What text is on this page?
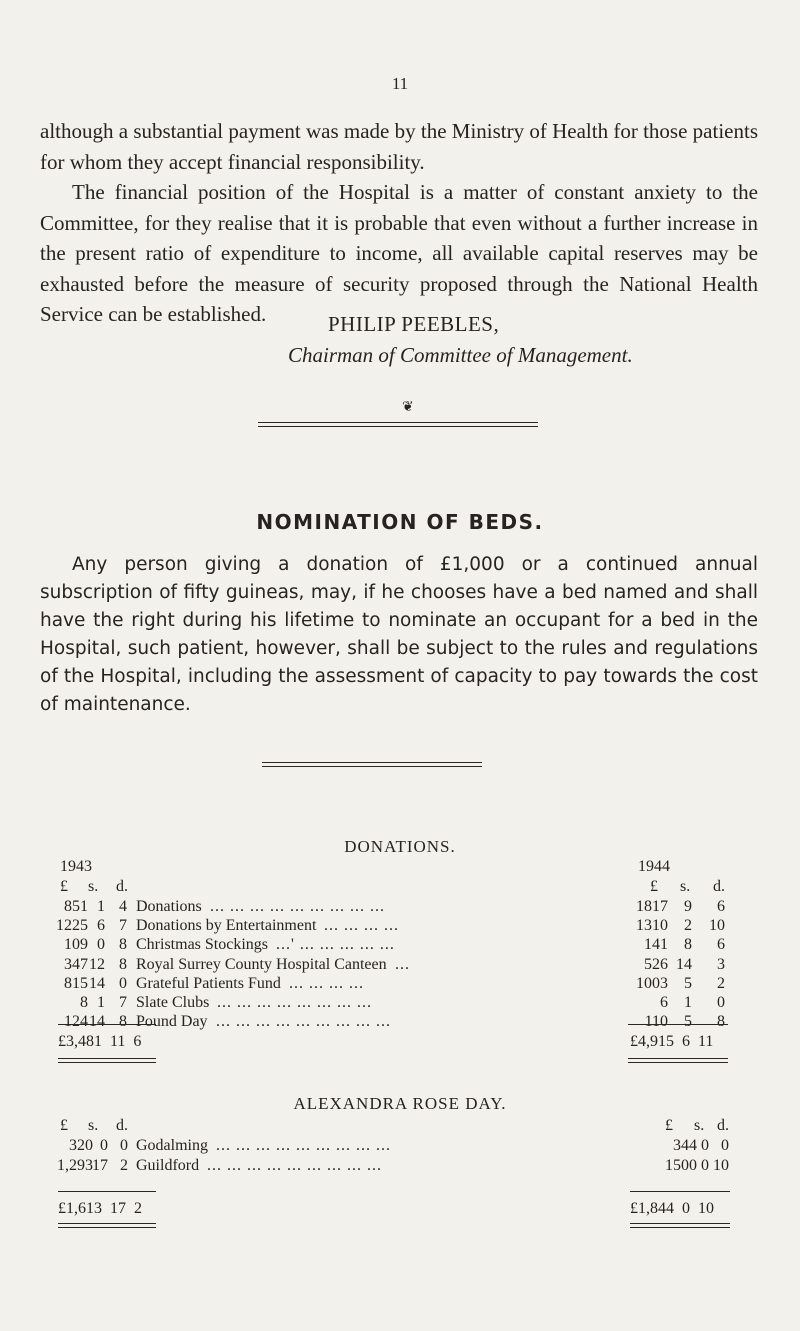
11

although a substantial payment was made by the Ministry of Health for those patients for whom they accept financial responsibility.

The financial position of the Hospital is a matter of constant anxiety to the Committee, for they realise that it is probable that even without a further increase in the present ratio of expenditure to income, all available capital reserves may be exhausted before the measure of security proposed through the National Health Service can be established.	PHILIP PEEBLES,
Chairman of Committee of Management.
❦
NOMINATION OF BEDS.

Any person giving a donation of £1,000 or a continued annual subscription of fifty guineas, may, if he chooses have a bed named and shall have the right during his lifetime to nominate an occupant for a bed in the Hospital, such patient, however, shall be subject to the rules and regulations of the Hospital, including the assessment of capacity to pay towards the cost of maintenance.

DONATIONS.
1943	1944
£ s. d.	£ s. d.
851 1 4 Donations ... ... ... ... ... ... ... ... ...	1817 9 6
1225 6 7 Donations by Entertainment ... ... ... ...	1310 2 10
109 0 8 Christmas Stockings ...' ... ... ... ... ...	141 8 6
347 12 8 Royal Surrey County Hospital Canteen ...	526 14 3
815 14 0 Grateful Patients Fund ... ... ... ...	1003 5 2
8 1 7 Slate Clubs ... ... ... ... ... ... ... ...	6 1 0
124 14 8 Pound Day ... ... ... ... ... ... ... ... ...	110 5 8
£3,481 11 6	£4,915 6 11
ALEXANDRA ROSE DAY.
£ s. d.	£ s. d.
320 0 0 Godalming ... ... ... ... ... ... ... ... ...	344 0 0
1,293 17 2 Guildford ... ... ... ... ... ... ... ... ...	1500 0 10
£1,613 17 2	£1,844 0 10
